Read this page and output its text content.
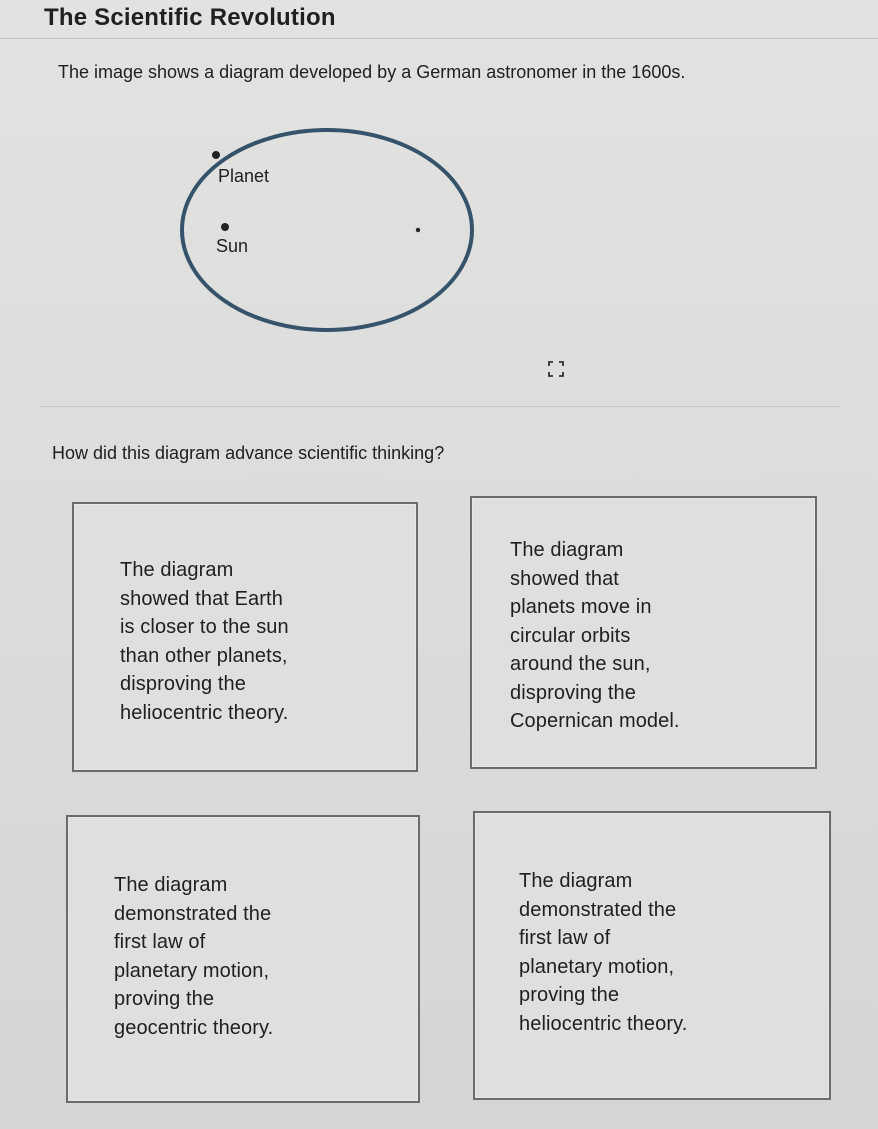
The Scientific Revolution
The image shows a diagram developed by a German astronomer in the 1600s.
Planet
Sun
How did this diagram advance scientific thinking?
The diagram
showed that Earth
is closer to the sun
than other planets,
disproving the
heliocentric theory.
The diagram
showed that
planets move in
circular orbits
around the sun,
disproving the
Copernican model.
The diagram
demonstrated the
first law of
planetary motion,
proving the
geocentric theory.
The diagram
demonstrated the
first law of
planetary motion,
proving the
heliocentric theory.
